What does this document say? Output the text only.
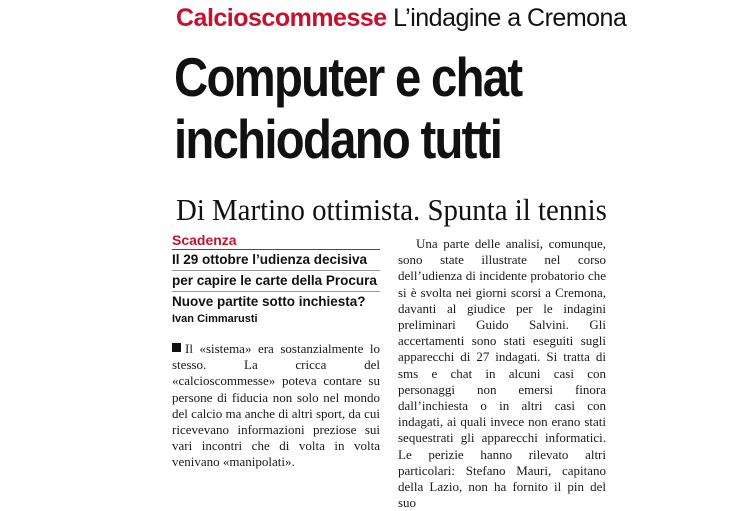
Calcioscommesse L’indagine a Cremona
Computer e chat
inchiodano tutti
Di Martino ottimista. Spunta il tennis
Scadenza
Il 29 ottobre l’udienza decisiva
per capire le carte della Procura
Nuove partite sotto inchiesta?
Ivan Cimmarusti

Il «sistema» era sostanzialmente lo stesso. La cricca del «calcioscommesse» poteva contare su persone di fiducia non solo nel mondo del calcio ma anche di altri sport, da cui ricevevano informazioni preziose sui vari incontri che di volta in volta venivano «manipolati».

Una parte delle analisi, comunque, sono state illustrate nel corso dell’udienza di incidente probatorio che si è svolta nei giorni scorsi a Cremona, davanti al giudice per le indagini preliminari Guido Salvini. Gli accertamenti sono stati eseguiti sugli apparecchi di 27 indagati. Si tratta di sms e chat in alcuni casi con personaggi non emersi finora dall’inchiesta o in altri casi con indagati, ai quali invece non erano stati sequestrati gli apparecchi informatici. Le perizie hanno rilevato altri particolari: Stefano Mauri, capitano della Lazio, non ha fornito il pin del suo
